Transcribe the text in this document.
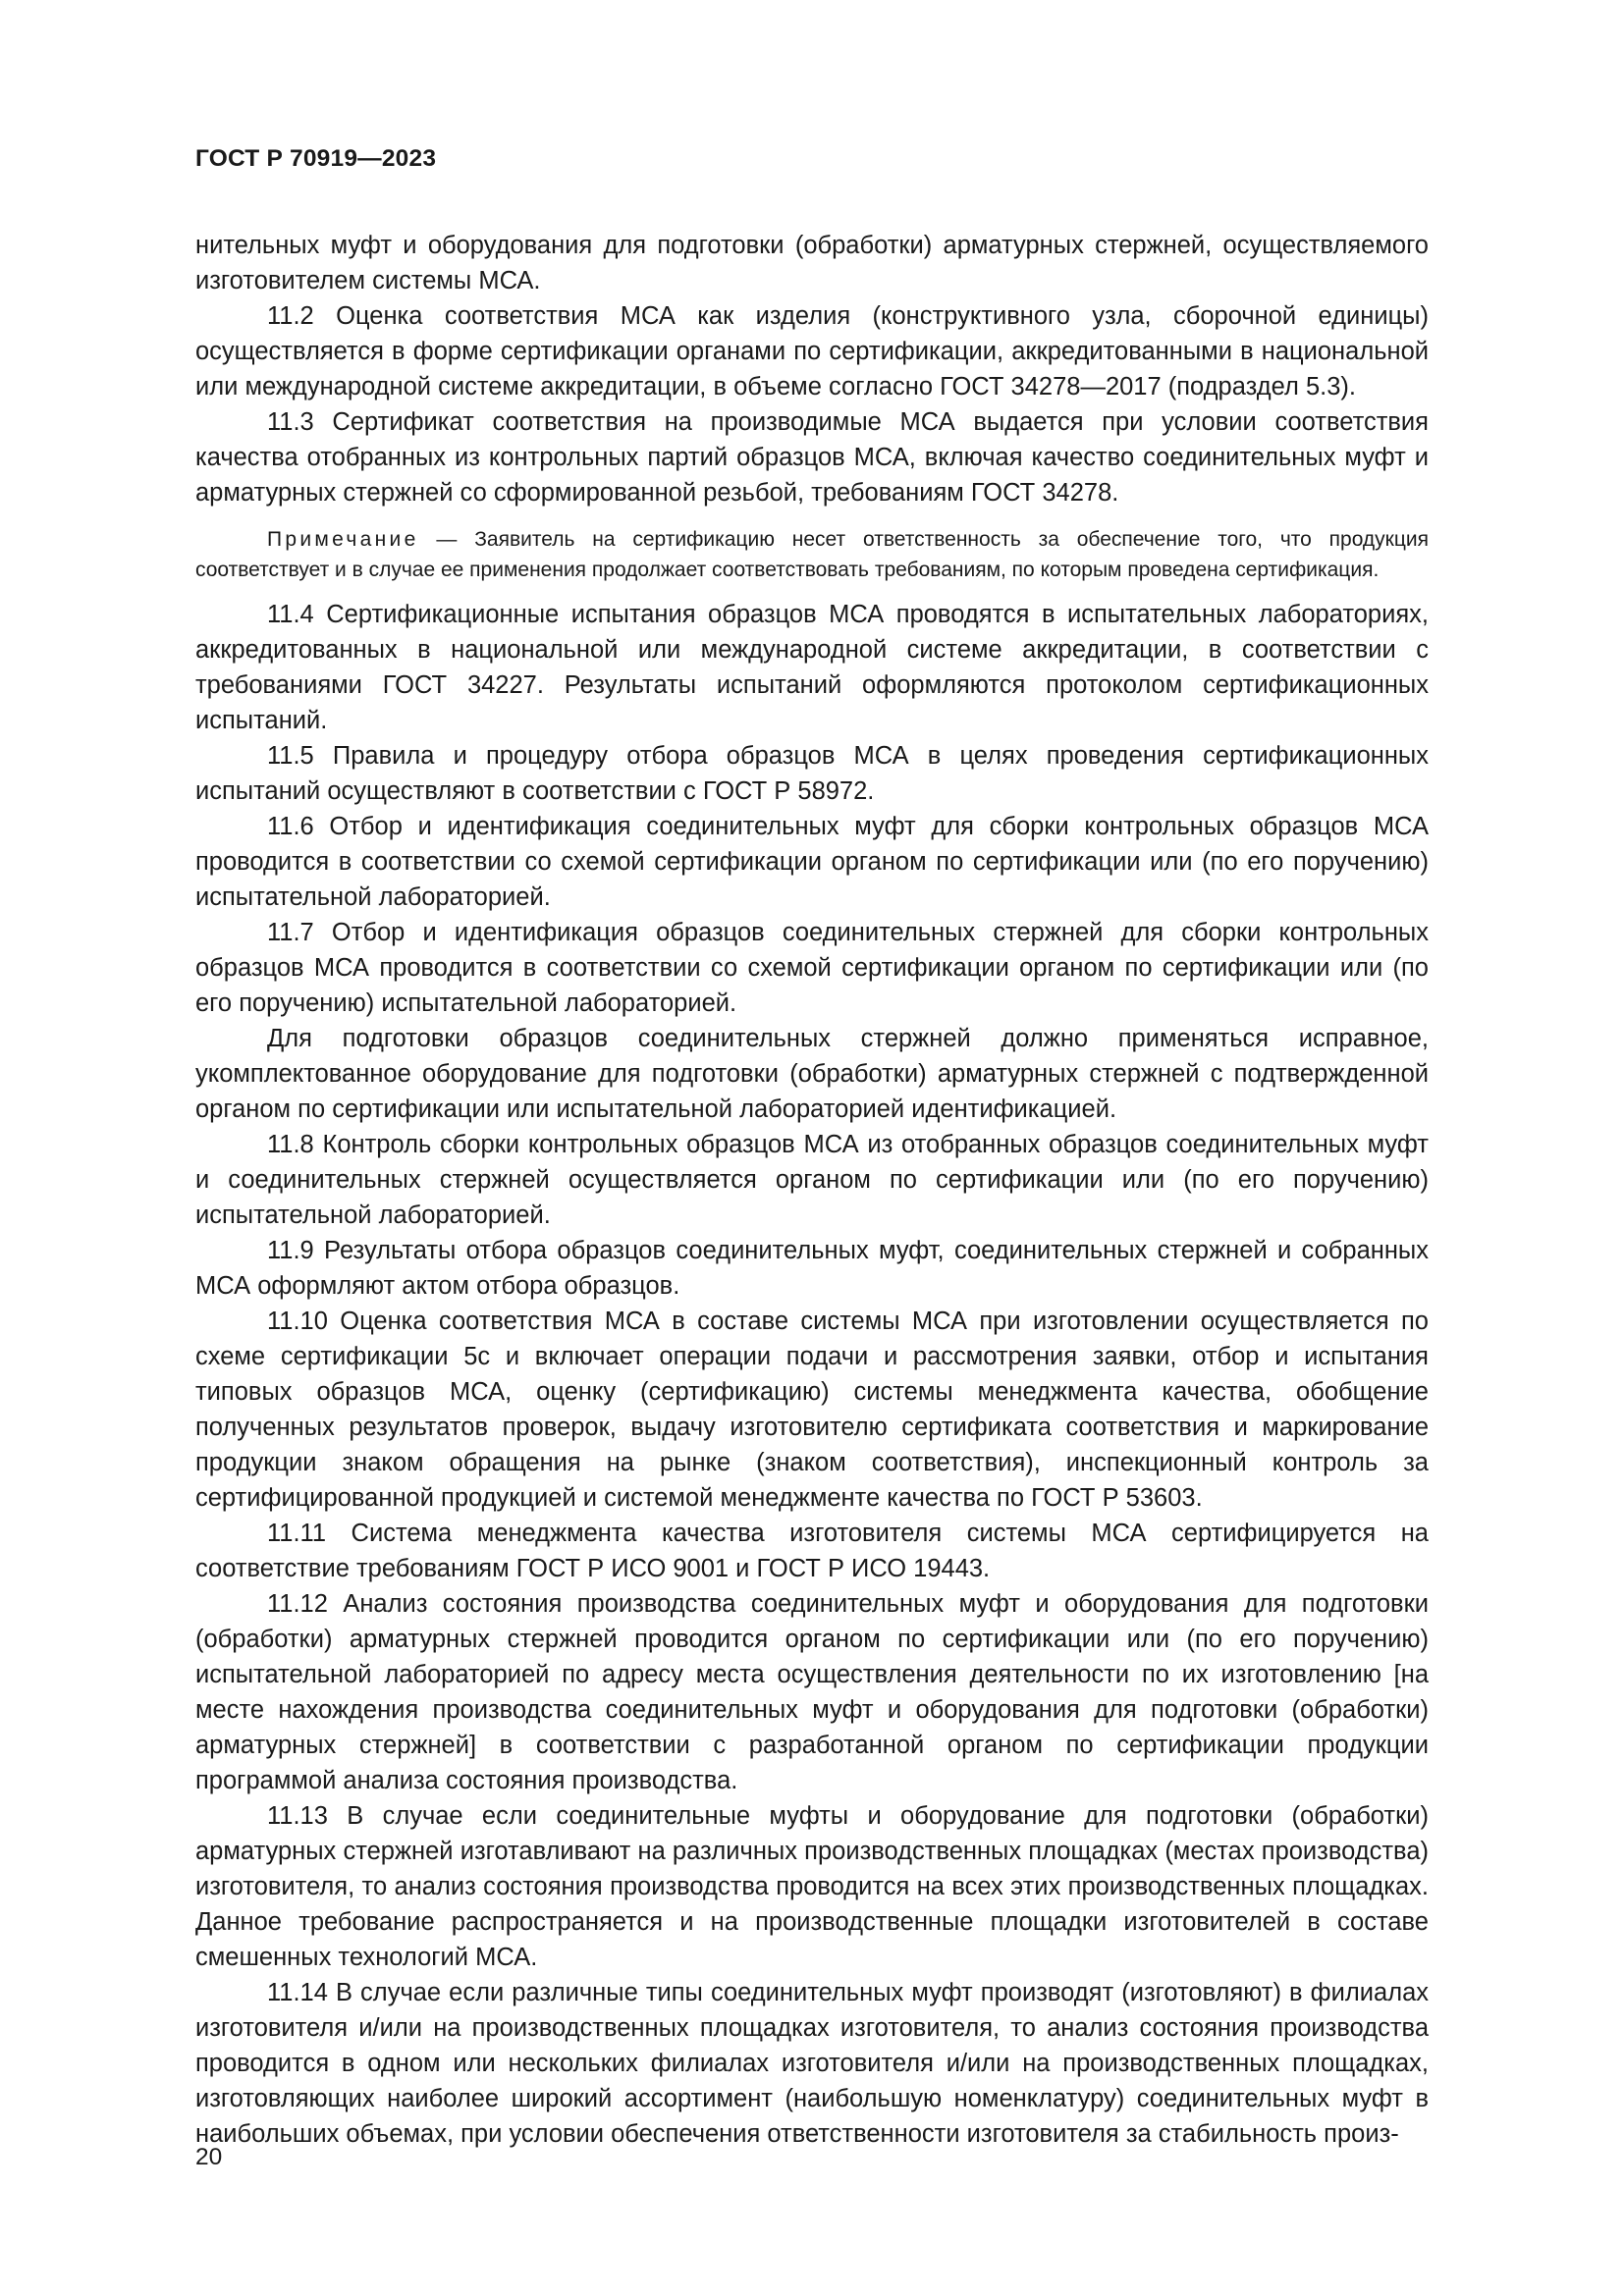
ГОСТ Р 70919—2023

нительных муфт и оборудования для подготовки (обработки) арматурных стержней, осуществляемого изготовителем системы МСА.

11.2 Оценка соответствия МСА как изделия (конструктивного узла, сборочной единицы) осуществляется в форме сертификации органами по сертификации, аккредитованными в национальной или международной системе аккредитации, в объеме согласно ГОСТ 34278—2017 (подраздел 5.3).

11.3 Сертификат соответствия на производимые МСА выдается при условии соответствия качества отобранных из контрольных партий образцов МСА, включая качество соединительных муфт и арматурных стержней со сформированной резьбой, требованиям ГОСТ 34278.

Примечание — Заявитель на сертификацию несет ответственность за обеспечение того, что продукция соответствует и в случае ее применения продолжает соответствовать требованиям, по которым проведена сертификация.

11.4 Сертификационные испытания образцов МСА проводятся в испытательных лабораториях, аккредитованных в национальной или международной системе аккредитации, в соответствии с требованиями ГОСТ 34227. Результаты испытаний оформляются протоколом сертификационных испытаний.

11.5 Правила и процедуру отбора образцов МСА в целях проведения сертификационных испытаний осуществляют в соответствии с ГОСТ Р 58972.

11.6 Отбор и идентификация соединительных муфт для сборки контрольных образцов МСА проводится в соответствии со схемой сертификации органом по сертификации или (по его поручению) испытательной лабораторией.

11.7 Отбор и идентификация образцов соединительных стержней для сборки контрольных образцов МСА проводится в соответствии со схемой сертификации органом по сертификации или (по его поручению) испытательной лабораторией.

Для подготовки образцов соединительных стержней должно применяться исправное, укомплектованное оборудование для подготовки (обработки) арматурных стержней с подтвержденной органом по сертификации или испытательной лабораторией идентификацией.

11.8 Контроль сборки контрольных образцов МСА из отобранных образцов соединительных муфт и соединительных стержней осуществляется органом по сертификации или (по его поручению) испытательной лабораторией.

11.9 Результаты отбора образцов соединительных муфт, соединительных стержней и собранных МСА оформляют актом отбора образцов.

11.10 Оценка соответствия МСА в составе системы МСА при изготовлении осуществляется по схеме сертификации 5с и включает операции подачи и рассмотрения заявки, отбор и испытания типовых образцов МСА, оценку (сертификацию) системы менеджмента качества, обобщение полученных результатов проверок, выдачу изготовителю сертификата соответствия и маркирование продукции знаком обращения на рынке (знаком соответствия), инспекционный контроль за сертифицированной продукцией и системой менеджменте качества по ГОСТ Р 53603.

11.11 Система менеджмента качества изготовителя системы МСА сертифицируется на соответствие требованиям ГОСТ Р ИСО 9001 и ГОСТ Р ИСО 19443.

11.12 Анализ состояния производства соединительных муфт и оборудования для подготовки (обработки) арматурных стержней проводится органом по сертификации или (по его поручению) испытательной лабораторией по адресу места осуществления деятельности по их изготовлению [на месте нахождения производства соединительных муфт и оборудования для подготовки (обработки) арматурных стержней] в соответствии с разработанной органом по сертификации продукции программой анализа состояния производства.

11.13 В случае если соединительные муфты и оборудование для подготовки (обработки) арматурных стержней изготавливают на различных производственных площадках (местах производства) изготовителя, то анализ состояния производства проводится на всех этих производственных площадках. Данное требование распространяется и на производственные площадки изготовителей в составе смешенных технологий МСА.

11.14 В случае если различные типы соединительных муфт производят (изготовляют) в филиалах изготовителя и/или на производственных площадках изготовителя, то анализ состояния производства проводится в одном или нескольких филиалах изготовителя и/или на производственных площадках, изготовляющих наиболее широкий ассортимент (наибольшую номенклатуру) соединительных муфт в наибольших объемах, при условии обеспечения ответственности изготовителя за стабильность произ-

20
